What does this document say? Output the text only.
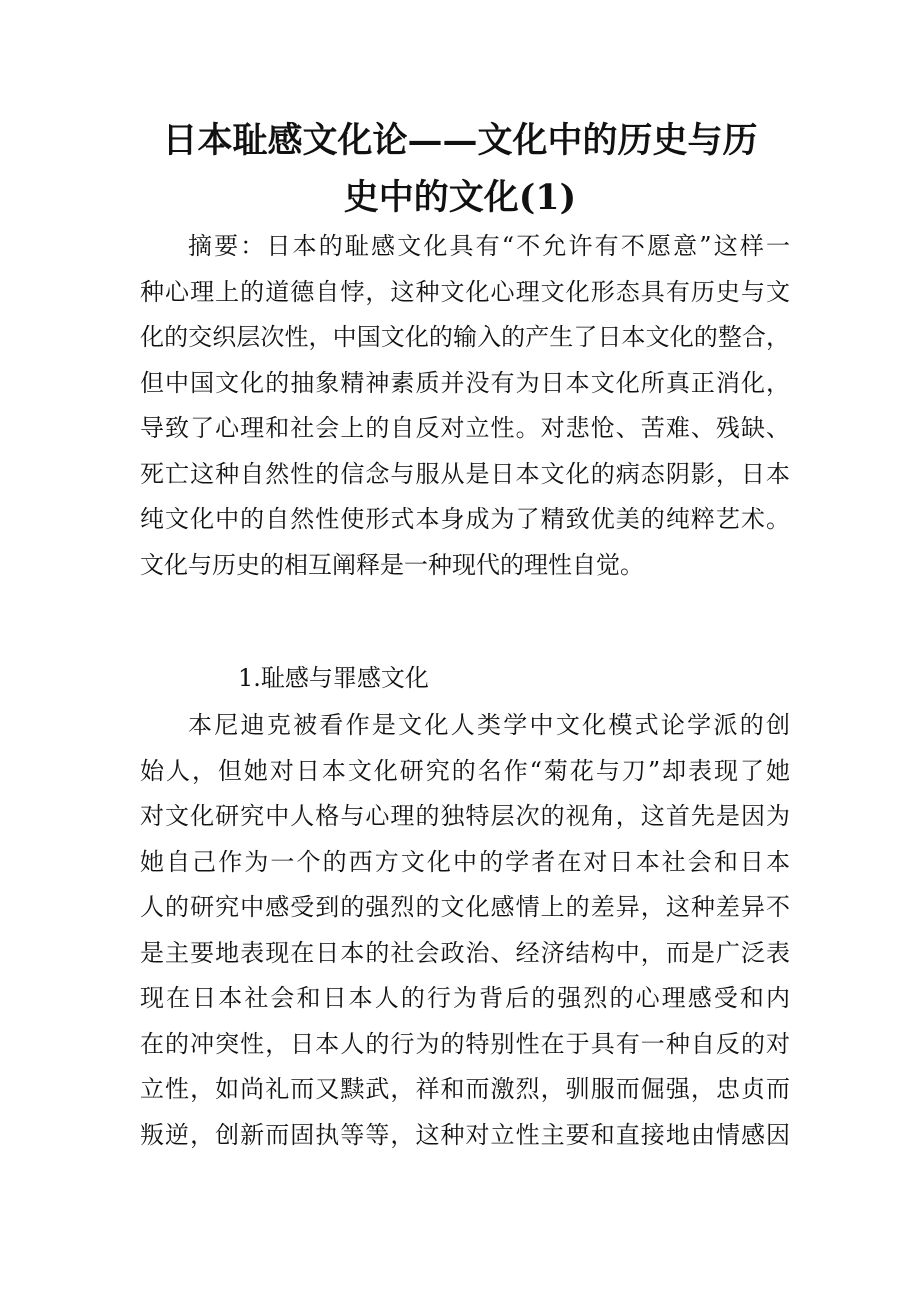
日本耻感文化论——文化中的历史与历
史中的文化(1)
摘要：日本的耻感文化具有“不允许有不愿意”这样一
种心理上的道德自悖，这种文化心理文化形态具有历史与文
化的交织层次性，中国文化的输入的产生了日本文化的整合，
但中国文化的抽象精神素质并没有为日本文化所真正消化，
导致了心理和社会上的自反对立性。对悲怆、苦难、残缺、
死亡这种自然性的信念与服从是日本文化的病态阴影，日本
纯文化中的自然性使形式本身成为了精致优美的纯粹艺术。
文化与历史的相互阐释是一种现代的理性自觉。
1.耻感与罪感文化
本尼迪克被看作是文化人类学中文化模式论学派的创
始人，但她对日本文化研究的名作“菊花与刀”却表现了她
对文化研究中人格与心理的独特层次的视角，这首先是因为
她自己作为一个的西方文化中的学者在对日本社会和日本
人的研究中感受到的强烈的文化感情上的差异，这种差异不
是主要地表现在日本的社会政治、经济结构中，而是广泛表
现在日本社会和日本人的行为背后的强烈的心理感受和内
在的冲突性，日本人的行为的特别性在于具有一种自反的对
立性，如尚礼而又黩武，祥和而激烈，驯服而倔强，忠贞而
叛逆，创新而固执等等，这种对立性主要和直接地由情感因
